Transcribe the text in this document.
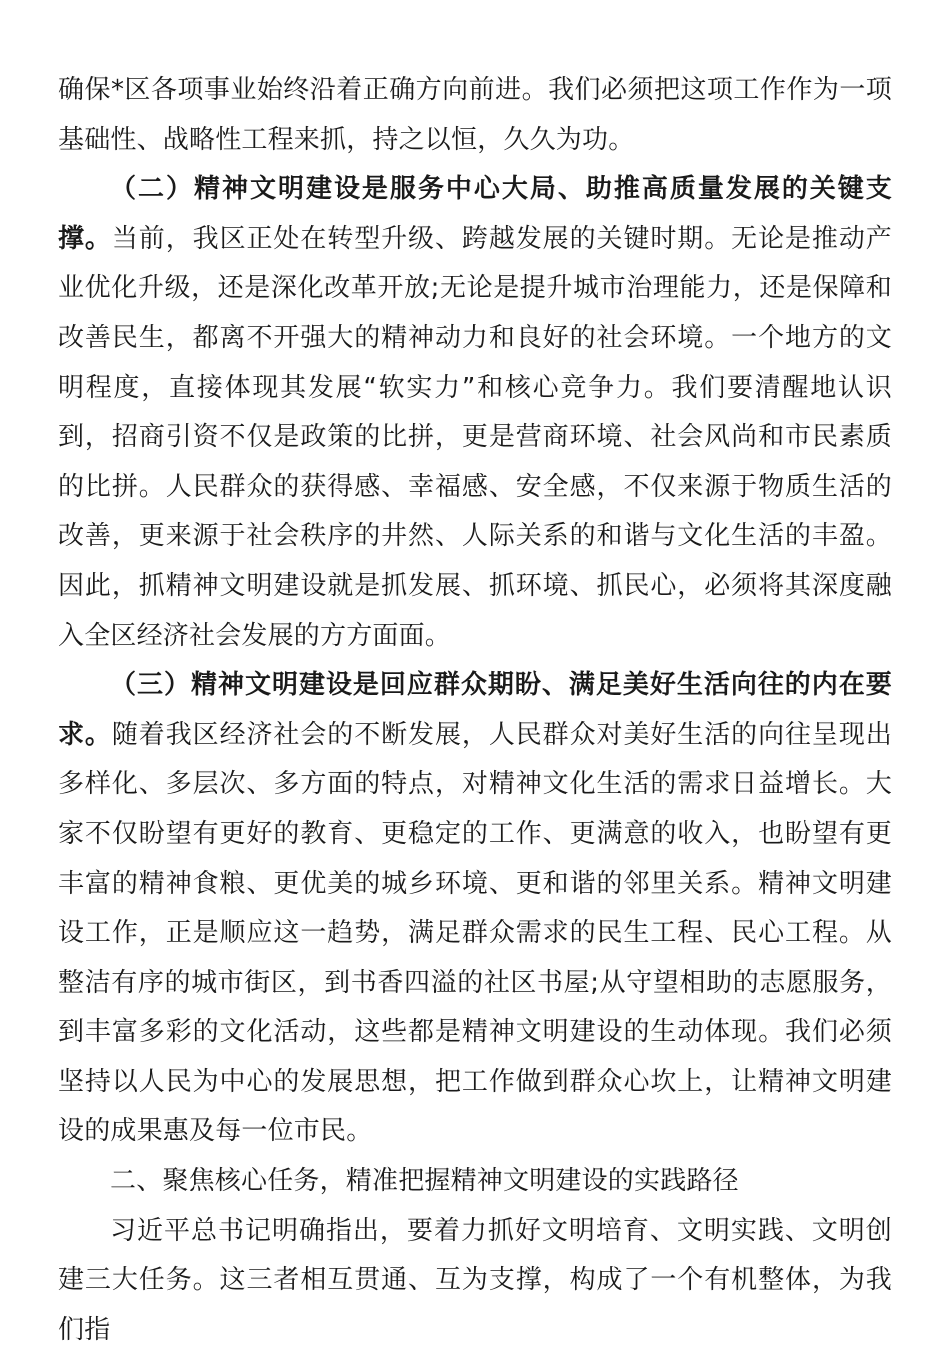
确保*区各项事业始终沿着正确方向前进。我们必须把这项工作作为一项基础性、战略性工程来抓，持之以恒，久久为功。

（二）精神文明建设是服务中心大局、助推高质量发展的关键支撑。当前，我区正处在转型升级、跨越发展的关键时期。无论是推动产业优化升级，还是深化改革开放;无论是提升城市治理能力，还是保障和改善民生，都离不开强大的精神动力和良好的社会环境。一个地方的文明程度，直接体现其发展“软实力”和核心竞争力。我们要清醒地认识到，招商引资不仅是政策的比拼，更是营商环境、社会风尚和市民素质的比拼。人民群众的获得感、幸福感、安全感，不仅来源于物质生活的改善，更来源于社会秩序的井然、人际关系的和谐与文化生活的丰盈。因此，抓精神文明建设就是抓发展、抓环境、抓民心，必须将其深度融入全区经济社会发展的方方面面。

（三）精神文明建设是回应群众期盼、满足美好生活向往的内在要求。随着我区经济社会的不断发展，人民群众对美好生活的向往呈现出多样化、多层次、多方面的特点，对精神文化生活的需求日益增长。大家不仅盼望有更好的教育、更稳定的工作、更满意的收入，也盼望有更丰富的精神食粮、更优美的城乡环境、更和谐的邻里关系。精神文明建设工作，正是顺应这一趋势，满足群众需求的民生工程、民心工程。从整洁有序的城市街区，到书香四溢的社区书屋;从守望相助的志愿服务，到丰富多彩的文化活动，这些都是精神文明建设的生动体现。我们必须坚持以人民为中心的发展思想，把工作做到群众心坎上，让精神文明建设的成果惠及每一位市民。

二、聚焦核心任务，精准把握精神文明建设的实践路径

习近平总书记明确指出，要着力抓好文明培育、文明实践、文明创建三大任务。这三者相互贯通、互为支撑，构成了一个有机整体，为我们指
